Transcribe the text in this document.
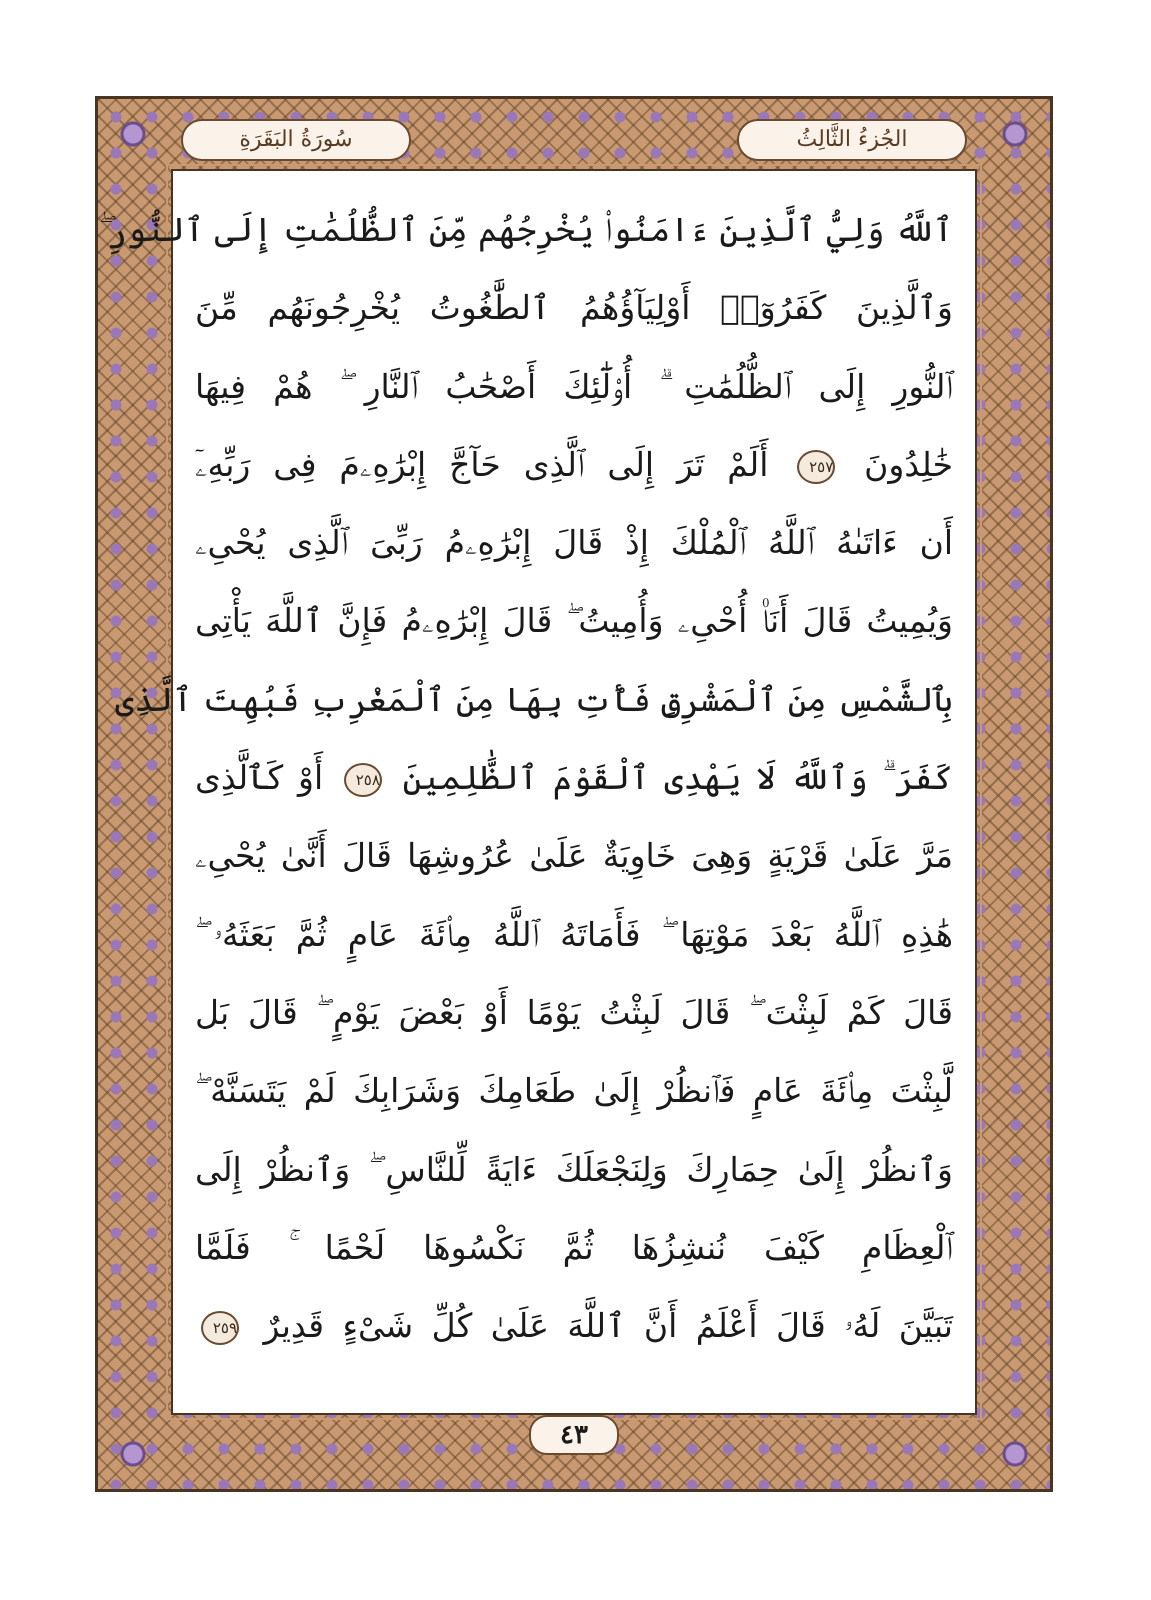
سُورَةُ البَقَرَةِ	الجُزءُ الثَّالِثُ
ٱللَّهُ وَلِيُّ ٱلَّذِينَ ءَامَنُوا۟ يُخْرِجُهُم مِّنَ ٱلظُّلُمَٰتِ إِلَى ٱلنُّورِ ۖ
وَٱلَّذِينَ كَفَرُوٓا۟ أَوْلِيَآؤُهُمُ ٱلطَّٰغُوتُ يُخْرِجُونَهُم مِّنَ
ٱلنُّورِ إِلَى ٱلظُّلُمَٰتِ ۗ أُو۟لَٰٓئِكَ أَصْحَٰبُ ٱلنَّارِ ۖ هُمْ فِيهَا
خَٰلِدُونَ ٢٥٧ أَلَمْ تَرَ إِلَى ٱلَّذِى حَآجَّ إِبْرَٰهِۦمَ فِى رَبِّهِۦٓ
أَن ءَاتَىٰهُ ٱللَّهُ ٱلْمُلْكَ إِذْ قَالَ إِبْرَٰهِۦمُ رَبِّىَ ٱلَّذِى يُحْىِۦ
وَيُمِيتُ قَالَ أَنَا۠ أُحْىِۦ وَأُمِيتُ ۖ قَالَ إِبْرَٰهِۦمُ فَإِنَّ ٱللَّهَ يَأْتِى
بِٱلشَّمْسِ مِنَ ٱلْمَشْرِقِ فَأْتِ بِهَا مِنَ ٱلْمَغْرِبِ فَبُهِتَ ٱلَّذِى
كَفَرَ ۗ وَٱللَّهُ لَا يَهْدِى ٱلْقَوْمَ ٱلظَّٰلِمِينَ ٢٥٨ أَوْ كَٱلَّذِى
مَرَّ عَلَىٰ قَرْيَةٍ وَهِىَ خَاوِيَةٌ عَلَىٰ عُرُوشِهَا قَالَ أَنَّىٰ يُحْىِۦ
هَٰذِهِ ٱللَّهُ بَعْدَ مَوْتِهَا ۖ فَأَمَاتَهُ ٱللَّهُ مِا۟ئَةَ عَامٍ ثُمَّ بَعَثَهُۥ ۖ
قَالَ كَمْ لَبِثْتَ ۖ قَالَ لَبِثْتُ يَوْمًا أَوْ بَعْضَ يَوْمٍ ۖ قَالَ بَل
لَّبِثْتَ مِا۟ئَةَ عَامٍ فَٱنظُرْ إِلَىٰ طَعَامِكَ وَشَرَابِكَ لَمْ يَتَسَنَّهْ ۖ
وَٱنظُرْ إِلَىٰ حِمَارِكَ وَلِنَجْعَلَكَ ءَايَةً لِّلنَّاسِ ۖ وَٱنظُرْ إِلَى
ٱلْعِظَامِ كَيْفَ نُنشِزُهَا ثُمَّ نَكْسُوهَا لَحْمًا ۚ فَلَمَّا
تَبَيَّنَ لَهُۥ قَالَ أَعْلَمُ أَنَّ ٱللَّهَ عَلَىٰ كُلِّ شَىْءٍ قَدِيرٌ ٢٥٩
٤٣
